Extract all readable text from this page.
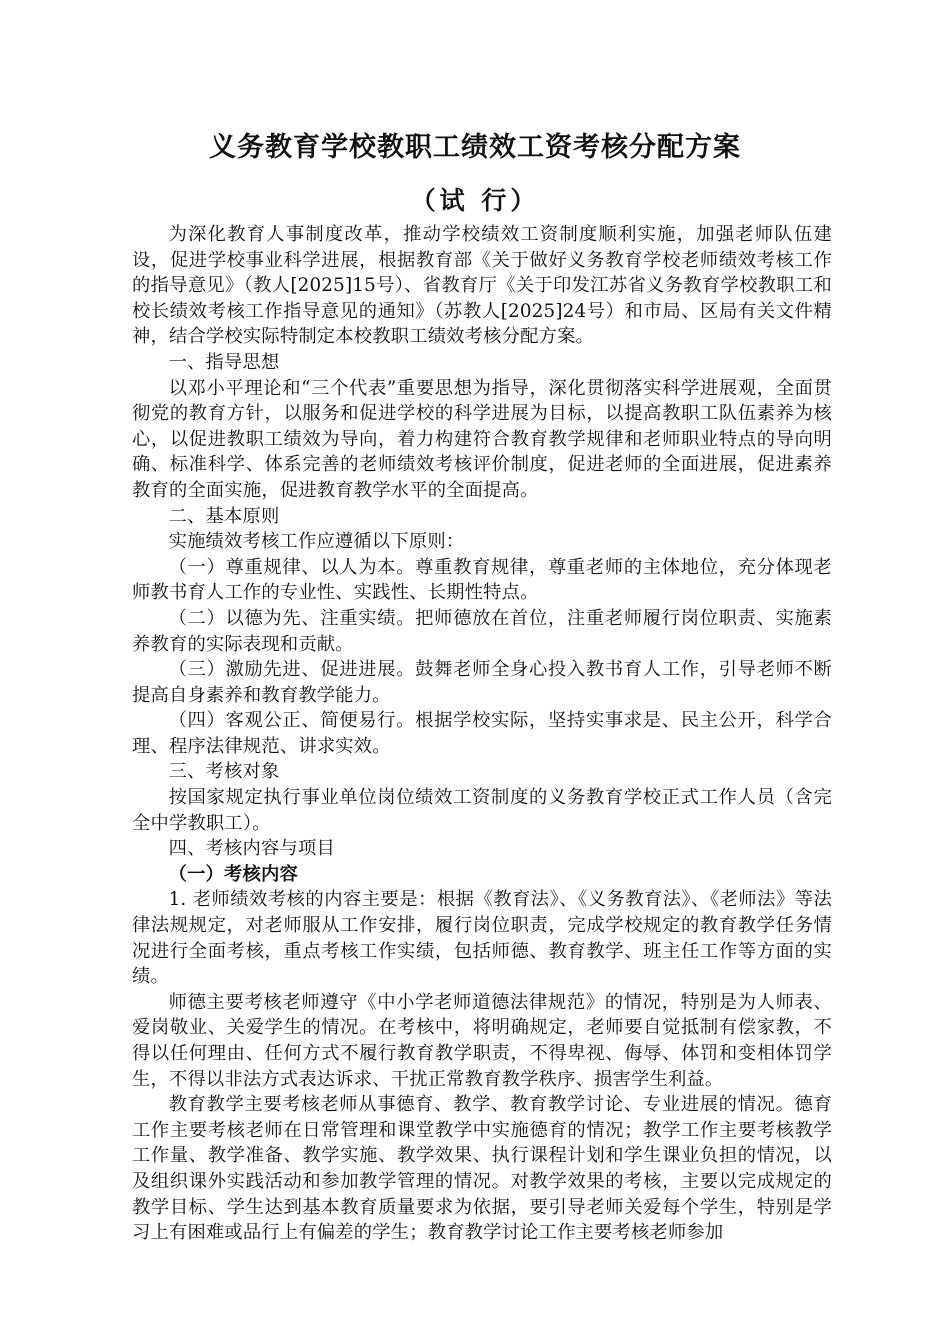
义务教育学校教职工绩效工资考核分配方案
（试 行）

为深化教育人事制度改革，推动学校绩效工资制度顺利实施，加强老师队伍建设，促进学校事业科学进展，根据教育部《关于做好义务教育学校老师绩效考核工作的指导意见》（教人[2025]15号）、省教育厅《关于印发江苏省义务教育学校教职工和校长绩效考核工作指导意见的通知》（苏教人[2025]24号）和市局、区局有关文件精神，结合学校实际特制定本校教职工绩效考核分配方案。

一、指导思想

以邓小平理论和“三个代表”重要思想为指导，深化贯彻落实科学进展观，全面贯彻党的教育方针，以服务和促进学校的科学进展为目标，以提高教职工队伍素养为核心，以促进教职工绩效为导向，着力构建符合教育教学规律和老师职业特点的导向明确、标准科学、体系完善的老师绩效考核评价制度，促进老师的全面进展，促进素养教育的全面实施，促进教育教学水平的全面提高。

二、基本原则

实施绩效考核工作应遵循以下原则：

（一）尊重规律、以人为本。尊重教育规律，尊重老师的主体地位，充分体现老师教书育人工作的专业性、实践性、长期性特点。

（二）以德为先、注重实绩。把师德放在首位，注重老师履行岗位职责、实施素养教育的实际表现和贡献。

（三）激励先进、促进进展。鼓舞老师全身心投入教书育人工作，引导老师不断提高自身素养和教育教学能力。

（四）客观公正、简便易行。根据学校实际，坚持实事求是、民主公开，科学合理、程序法律规范、讲求实效。

三、考核对象

按国家规定执行事业单位岗位绩效工资制度的义务教育学校正式工作人员（含完全中学教职工）。

四、考核内容与项目

（一）考核内容

1. 老师绩效考核的内容主要是：根据《教育法》、《义务教育法》、《老师法》等法律法规规定，对老师服从工作安排，履行岗位职责，完成学校规定的教育教学任务情况进行全面考核，重点考核工作实绩，包括师德、教育教学、班主任工作等方面的实绩。

师德主要考核老师遵守《中小学老师道德法律规范》的情况，特别是为人师表、爱岗敬业、关爱学生的情况。在考核中，将明确规定，老师要自觉抵制有偿家教，不得以任何理由、任何方式不履行教育教学职责，不得卑视、侮辱、体罚和变相体罚学生，不得以非法方式表达诉求、干扰正常教育教学秩序、损害学生利益。

教育教学主要考核老师从事德育、教学、教育教学讨论、专业进展的情况。德育工作主要考核老师在日常管理和课堂教学中实施德育的情况；教学工作主要考核教学工作量、教学准备、教学实施、教学效果、执行课程计划和学生课业负担的情况，以及组织课外实践活动和参加教学管理的情况。对教学效果的考核，主要以完成规定的教学目标、学生达到基本教育质量要求为依据，要引导老师关爱每个学生，特别是学习上有困难或品行上有偏差的学生；教育教学讨论工作主要考核老师参加
